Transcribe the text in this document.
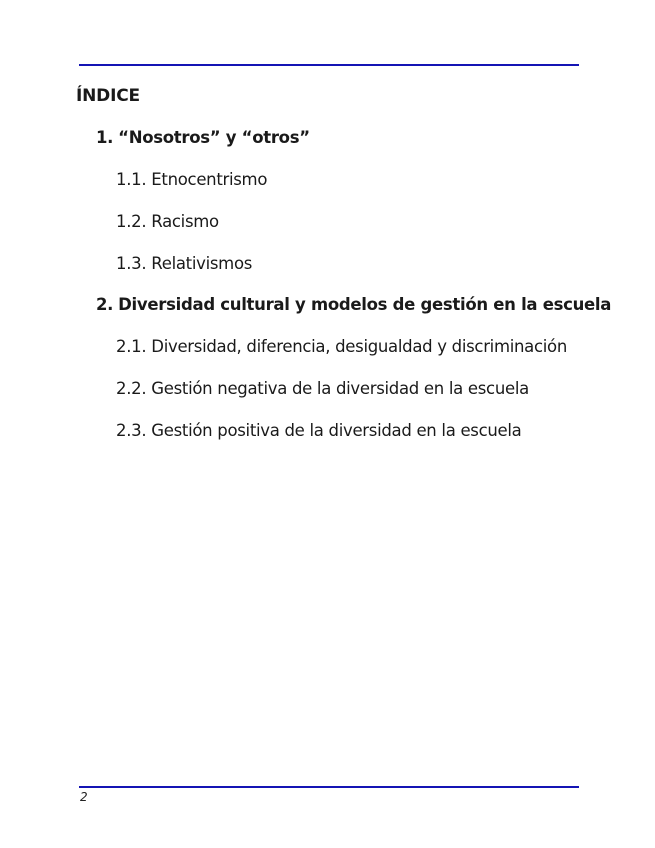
ÍNDICE
1. “Nosotros” y “otros”
1.1. Etnocentrismo
1.2. Racismo
1.3. Relativismos
2. Diversidad cultural y modelos de gestión en la escuela
2.1. Diversidad, diferencia, desigualdad y discriminación
2.2. Gestión negativa de la diversidad en la escuela
2.3. Gestión positiva de la diversidad en la escuela
2
